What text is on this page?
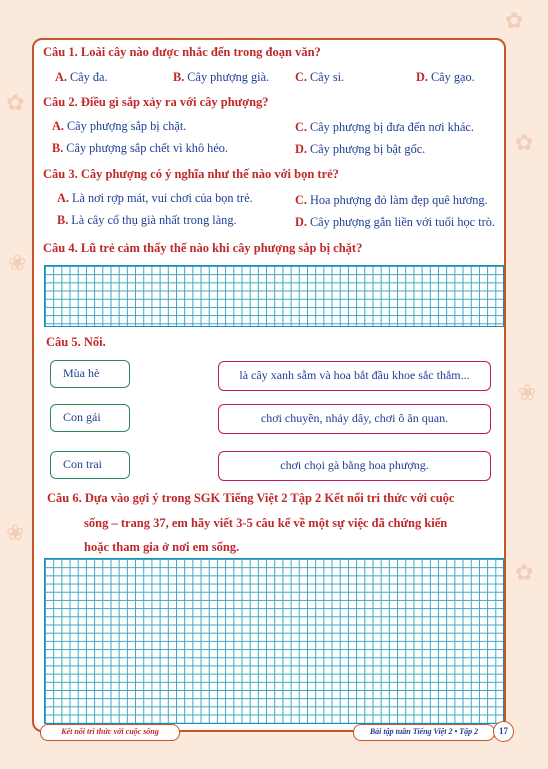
✿
❀
✿
❀
✿
❀
✿
Câu 1. Loài cây nào được nhắc đến trong đoạn văn?
A. Cây đa.	B. Cây phượng già. C. Cây si.	D. Cây gạo.
Câu 2. Điều gì sắp xảy ra với cây phượng?
A. Cây phượng sắp bị chặt.
B. Cây phượng sắp chết vì khô héo.
C. Cây phượng bị đưa đến nơi khác.
D. Cây phượng bị bật gốc.
Câu 3. Cây phượng có ý nghĩa như thế nào với bọn trẻ?
A. Là nơi rợp mát, vui chơi của bọn trẻ.
B. Là cây cổ thụ già nhất trong làng.
C. Hoa phượng đỏ làm đẹp quê hương.
D. Cây phượng gắn liền với tuổi học trò.
Câu 4. Lũ trẻ cảm thấy thế nào khi cây phượng sắp bị chặt?
Câu 5. Nối.
Mùa hè
Con gái
Con trai
là cây xanh sẫm và hoa bắt đầu khoe sắc thắm...
chơi chuyền, nhảy dây, chơi ô ăn quan.
chơi chọi gà bằng hoa phượng.
Câu 6. Dựa vào gợi ý trong SGK Tiếng Việt 2 Tập 2 Kết nối tri thức với cuộc
sống – trang 37, em hãy viết 3-5 câu kể về một sự việc đã chứng kiến
hoặc tham gia ở nơi em sống.
Kết nối tri thức với cuộc sống	Bài tập tuần Tiếng Việt 2 • Tập 2	17
